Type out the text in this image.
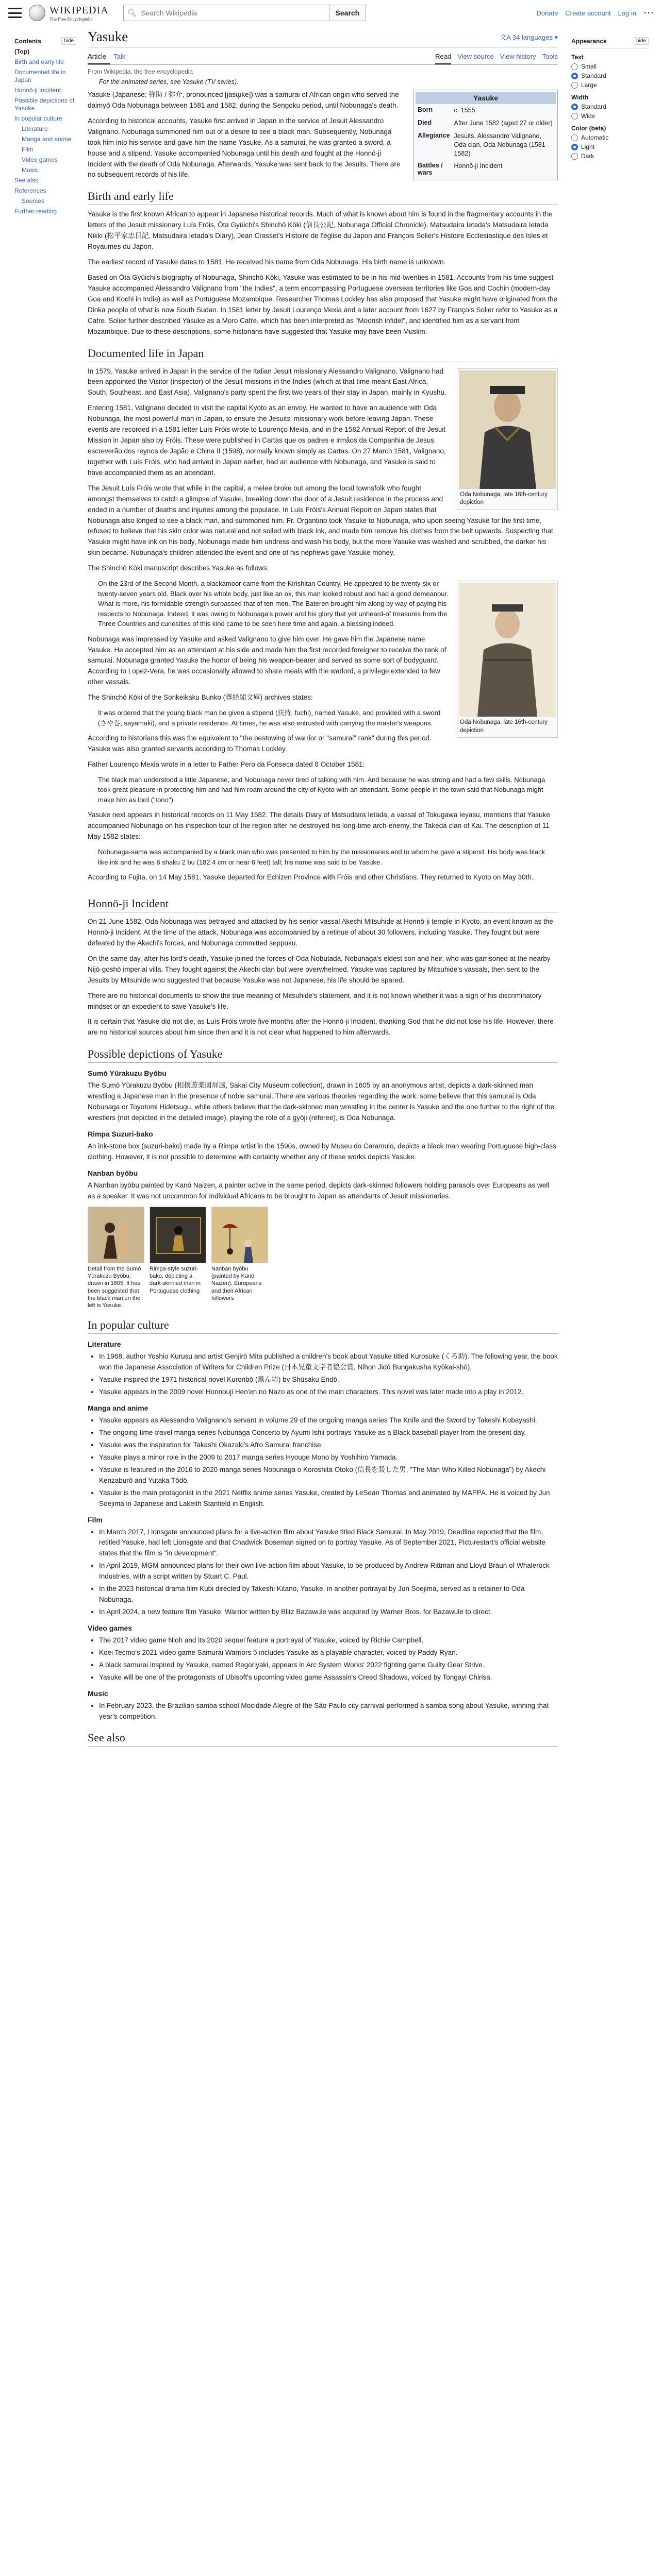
WIKIPEDIA
The Free Encyclopedia
🔍︎ Search Wikipedia	Search	Donate Create account Log in ⋯
Contents	hide
(Top)
Birth and early life
Documented life in Japan
Honnō-ji Incident
Possible depictions of Yasuke
In popular culture
Literature
Manga and anime
Film
Video games
Music
See also
References
Sources
Further reading
Appearance	hide
Text
Small
Standard
Large
Width
Standard
Wide
Color (beta)
Automatic
Light
Dark
Yasuke	文A 34 languages ▾
Article	Talk	Read View source View history Tools
From Wikipedia, the free encyclopedia
For the animated series, see Yasuke (TV series).
Yasuke
Born	c. 1555
Died	After June 1582 (aged 27 or older)
Allegiance	Jesuits, Alessandro Valignano, Oda clan, Oda Nobunaga (1581–1582)
Battles / wars	Honnō-ji Incident

Yasuke (Japanese: 弥助 / 弥介, pronounced [jasɯ̥ke]) was a samurai of African origin who served the daimyō Oda Nobunaga between 1581 and 1582, during the Sengoku period, until Nobunaga's death.

According to historical accounts, Yasuke first arrived in Japan in the service of Jesuit Alessandro Valignano. Nobunaga summoned him out of a desire to see a black man. Subsequently, Nobunaga took him into his service and gave him the name Yasuke. As a samurai, he was granted a sword, a house and a stipend. Yasuke accompanied Nobunaga until his death and fought at the Honnō-ji Incident with the death of Oda Nobunaga. Afterwards, Yasuke was sent back to the Jesuits. There are no subsequent records of his life.

Birth and early life

Yasuke is the first known African to appear in Japanese historical records. Much of what is known about him is found in the fragmentary accounts in the letters of the Jesuit missionary Luís Fróis, Ōta Gyūichi's Shinchō Kōki (信長公記, Nobunaga Official Chronicle), Matsudaira Ietada's Matsudaira Ietada Nikki (松平家忠日記, Matsudaira Ietada's Diary), Jean Crasset's Histoire de l'église du Japon and François Solier's Histoire Ecclesiastique des Isles et Royaumes du Japon.

The earliest record of Yasuke dates to 1581. He received his name from Oda Nobunaga. His birth name is unknown.

Based on Ōta Gyūichi's biography of Nobunaga, Shinchō Kōki, Yasuke was estimated to be in his mid-twenties in 1581. Accounts from his time suggest Yasuke accompanied Alessandro Valignano from "the Indies", a term encompassing Portuguese overseas territories like Goa and Cochin (modern-day Goa and Kochi in India) as well as Portuguese Mozambique. Researcher Thomas Lockley has also proposed that Yasuke might have originated from the Dinka people of what is now South Sudan. In 1581 letter by Jesuit Lourenço Mexia and a later account from 1627 by François Solier refer to Yasuke as a Cafre. Solier further described Yasuke as a Moro Cafre, which has been interpreted as "Moorish infidel", and identified him as a servant from Mozambique. Due to these descriptions, some historians have suggested that Yasuke may have been Muslim.

Documented life in Japan
Oda Nobunaga, late 16th-century depiction

In 1579, Yasuke arrived in Japan in the service of the Italian Jesuit missionary Alessandro Valignano. Valignano had been appointed the Visitor (inspector) of the Jesuit missions in the Indies (which at that time meant East Africa, South, Southeast, and East Asia). Valignano's party spent the first two years of their stay in Japan, mainly in Kyushu.

Entering 1581, Valignano decided to visit the capital Kyoto as an envoy. He wanted to have an audience with Oda Nobunaga, the most powerful man in Japan, to ensure the Jesuits' missionary work before leaving Japan. These events are recorded in a 1581 letter Luís Fróis wrote to Lourenço Mexia, and in the 1582 Annual Report of the Jesuit Mission in Japan also by Fróis. These were published in Cartas que os padres e irmãos da Companhia de Jesus escreverão dos reynos de Japão e China II (1598), normally known simply as Cartas. On 27 March 1581, Valignano, together with Luís Fróis, who had arrived in Japan earlier, had an audience with Nobunaga, and Yasuke is said to have accompanied them as an attendant.

The Jesuit Luís Fróis wrote that while in the capital, a melee broke out among the local townsfolk who fought amongst themselves to catch a glimpse of Yasuke, breaking down the door of a Jesuit residence in the process and ended in a number of deaths and injuries among the populace. In Luís Fróis's Annual Report on Japan states that Nobunaga also longed to see a black man, and summoned him. Fr. Organtino took Yasuke to Nobunaga, who upon seeing Yasuke for the first time, refused to believe that his skin color was natural and not soiled with black ink, and made him remove his clothes from the belt upwards. Suspecting that Yasuke might have ink on his body, Nobunaga made him undress and wash his body, but the more Yasuke was washed and scrubbed, the darker his skin became. Nobunaga's children attended the event and one of his nephews gave Yasuke money.

The Shinchō Kōki manuscript describes Yasuke as follows:

Oda Nobunaga, late 16th-century depiction
On the 23rd of the Second Month, a blackamoor came from the Kirishitan Country. He appeared to be twenty-six or twenty-seven years old. Black over his whole body, just like an ox, this man looked robust and had a good demeanour. What is more, his formidable strength surpassed that of ten men. The Bateren brought him along by way of paying his respects to Nobunaga. Indeed, it was owing to Nobunaga's power and his glory that yet unheard-of treasures from the Three Countries and curiosities of this kind came to be seen here time and again, a blessing indeed.

Nobunaga was impressed by Yasuke and asked Valignano to give him over. He gave him the Japanese name Yasuke. He accepted him as an attendant at his side and made him the first recorded foreigner to receive the rank of samurai. Nobunaga granted Yasuke the honor of being his weapon-bearer and served as some sort of bodyguard. According to Lopez-Vera, he was occasionally allowed to share meals with the warlord, a privilege extended to few other vassals.

The Shinchō Kōki of the Sonkeikaku Bunko (尊経閣文庫) archives states:

It was ordered that the young black man be given a stipend (扶持, fuchi), named Yasuke, and provided with a sword (さや巻, sayamaki), and a private residence. At times, he was also entrusted with carrying the master's weapons.

According to historians this was the equivalent to "the bestowing of warrior or "samurai" rank" during this period. Yasuke was also granted servants according to Thomas Lockley.

Father Lourenço Mexia wrote in a letter to Father Pero da Fonseca dated 8 October 1581:

The black man understood a little Japanese, and Nobunaga never tired of talking with him. And because he was strong and had a few skills, Nobunaga took great pleasure in protecting him and had him roam around the city of Kyoto with an attendant. Some people in the town said that Nobunaga might make him as lord ("tono").

Yasuke next appears in historical records on 11 May 1582. The details Diary of Matsudaira Ietada, a vassal of Tokugawa Ieyasu, mentions that Yasuke accompanied Nobunaga on his inspection tour of the region after he destroyed his long-time arch-enemy, the Takeda clan of Kai. The description of 11 May 1582 states:

Nobunaga-sama was accompanied by a black man who was presented to him by the missionaries and to whom he gave a stipend. His body was black like ink and he was 6 shaku 2 bu (182.4 cm or near 6 feet) tall; his name was said to be Yasuke.

According to Fujita, on 14 May 1581, Yasuke departed for Echizen Province with Fróis and other Christians. They returned to Kyoto on May 30th.

Honnō-ji Incident

On 21 June 1582, Oda Nobunaga was betrayed and attacked by his senior vassal Akechi Mitsuhide at Honnō-ji temple in Kyoto, an event known as the Honnō-ji Incident. At the time of the attack, Nobunaga was accompanied by a retinue of about 30 followers, including Yasuke. They fought but were defeated by the Akechi's forces, and Nobunaga committed seppuku.

On the same day, after his lord's death, Yasuke joined the forces of Oda Nobutada, Nobunaga's eldest son and heir, who was garrisoned at the nearby Nijō-goshō imperial villa. They fought against the Akechi clan but were overwhelmed. Yasuke was captured by Mitsuhide's vassals, then sent to the Jesuits by Mitsuhide who suggested that because Yasuke was not Japanese, his life should be spared.

There are no historical documents to show the true meaning of Mitsuhide's statement, and it is not known whether it was a sign of his discriminatory mindset or an expedient to save Yasuke's life.

It is certain that Yasuke did not die, as Luís Fróis wrote five months after the Honnō-ji Incident, thanking God that he did not lose his life. However, there are no historical sources about him since then and it is not clear what happened to him afterwards.

Possible depictions of Yasuke
Sumō Yūrakuzu Byōbu

The Sumō Yūrakuzu Byōbu (相撲遊楽図屏風, Sakai City Museum collection), drawn in 1605 by an anonymous artist, depicts a dark-skinned man wrestling a Japanese man in the presence of noble samurai. There are various theories regarding the work: some believe that this samurai is Oda Nobunaga or Toyotomi Hidetsugu, while others believe that the dark-skinned man wrestling in the center is Yasuke and the one further to the right of the wrestlers (not depicted in the detailed image), playing the role of a gyōji (referee), is Oda Nobunaga.

Rimpa Suzuri-bako

An ink-stone box (suzuri-bako) made by a Rimpa artist in the 1590s, owned by Museu do Caramulo, depicts a black man wearing Portuguese high-class clothing. However, it is not possible to determine with certainty whether any of these works depicts Yasuke.

Nanban byōbu

A Nanban byōbu painted by Kanō Naizen, a painter active in the same period, depicts dark-skinned followers holding parasols over Europeans as well as a speaker. It was not uncommon for individual Africans to be brought to Japan as attendants of Jesuit missionaries.

Detail from the Sumō Yūrakuzu Byōbu, drawn in 1605. It has been suggested that the black man on the left is Yasuke.
Rimpa-style suzuri-bako, depicting a dark-skinned man in Portuguese clothing
Nanban byōbu (painted by Kanō Naizen). Europeans and their African followers
In popular culture
Literature
• In 1968, author Yoshio Kurusu and artist Genjirō Mita published a children's book about Yasuke titled Kurosuke (くろ助). The following year, the book won the Japanese Association of Writers for Children Prize (日本児童文学者協会賞, Nihon Jidō Bungakusha Kyōkai-shō).
• Yasuke inspired the 1971 historical novel Kuronbō (黒ん坊) by Shūsaku Endō.
• Yasuke appears in the 2009 novel Honnouji Hen'en no Nazo as one of the main characters. This novel was later made into a play in 2012.
Manga and anime
• Yasuke appears as Alessandro Valignano's servant in volume 29 of the ongoing manga series The Knife and the Sword by Takeshi Kobayashi.
• The ongoing time-travel manga series Nobunaga Concerto by Ayumi Ishii portrays Yasuke as a Black baseball player from the present day.
• Yasuke was the inspiration for Takashi Okazaki's Afro Samurai franchise.
• Yasuke plays a minor role in the 2009 to 2017 manga series Hyouge Mono by Yoshihiro Yamada.
• Yasuke is featured in the 2016 to 2020 manga series Nobunaga o Koroshita Otoko (信長を殺した男, "The Man Who Killed Nobunaga") by Akechi Kenzaburō and Yutaka Tōdō.
• Yasuke is the main protagonist in the 2021 Netflix anime series Yasuke, created by LeSean Thomas and animated by MAPPA. He is voiced by Jun Soejima in Japanese and Lakeith Stanfield in English.
Film
• In March 2017, Lionsgate announced plans for a live-action film about Yasuke titled Black Samurai. In May 2019, Deadline reported that the film, retitled Yasuke, had left Lionsgate and that Chadwick Boseman signed on to portray Yasuke. As of September 2021, Picturestart's official website states that the film is "in development".
• In April 2019, MGM announced plans for their own live-action film about Yasuke, to be produced by Andrew Rittman and Lloyd Braun of Whalerock Industries, with a script written by Stuart C. Paul.
• In the 2023 historical drama film Kubi directed by Takeshi Kitano, Yasuke, in another portrayal by Jun Soejima, served as a retainer to Oda Nobunaga.
• In April 2024, a new feature film Yasuke: Warrior written by Blitz Bazawule was acquired by Warner Bros. for Bazawule to direct.
Video games
• The 2017 video game Nioh and its 2020 sequel feature a portrayal of Yasuke, voiced by Richie Campbell.
• Koei Tecmo's 2021 video game Samurai Warriors 5 includes Yasuke as a playable character, voiced by Paddy Ryan.
• A black samurai inspired by Yasuke, named Regoriyaki, appears in Arc System Works' 2022 fighting game Guilty Gear Strive.
• Yasuke will be one of the protagonists of Ubisoft's upcoming video game Assassin's Creed Shadows, voiced by Tongayi Chirisa.
Music
• In February 2023, the Brazilian samba school Mocidade Alegre of the São Paulo city carnival performed a samba song about Yasuke, winning that year's competition.
See also
